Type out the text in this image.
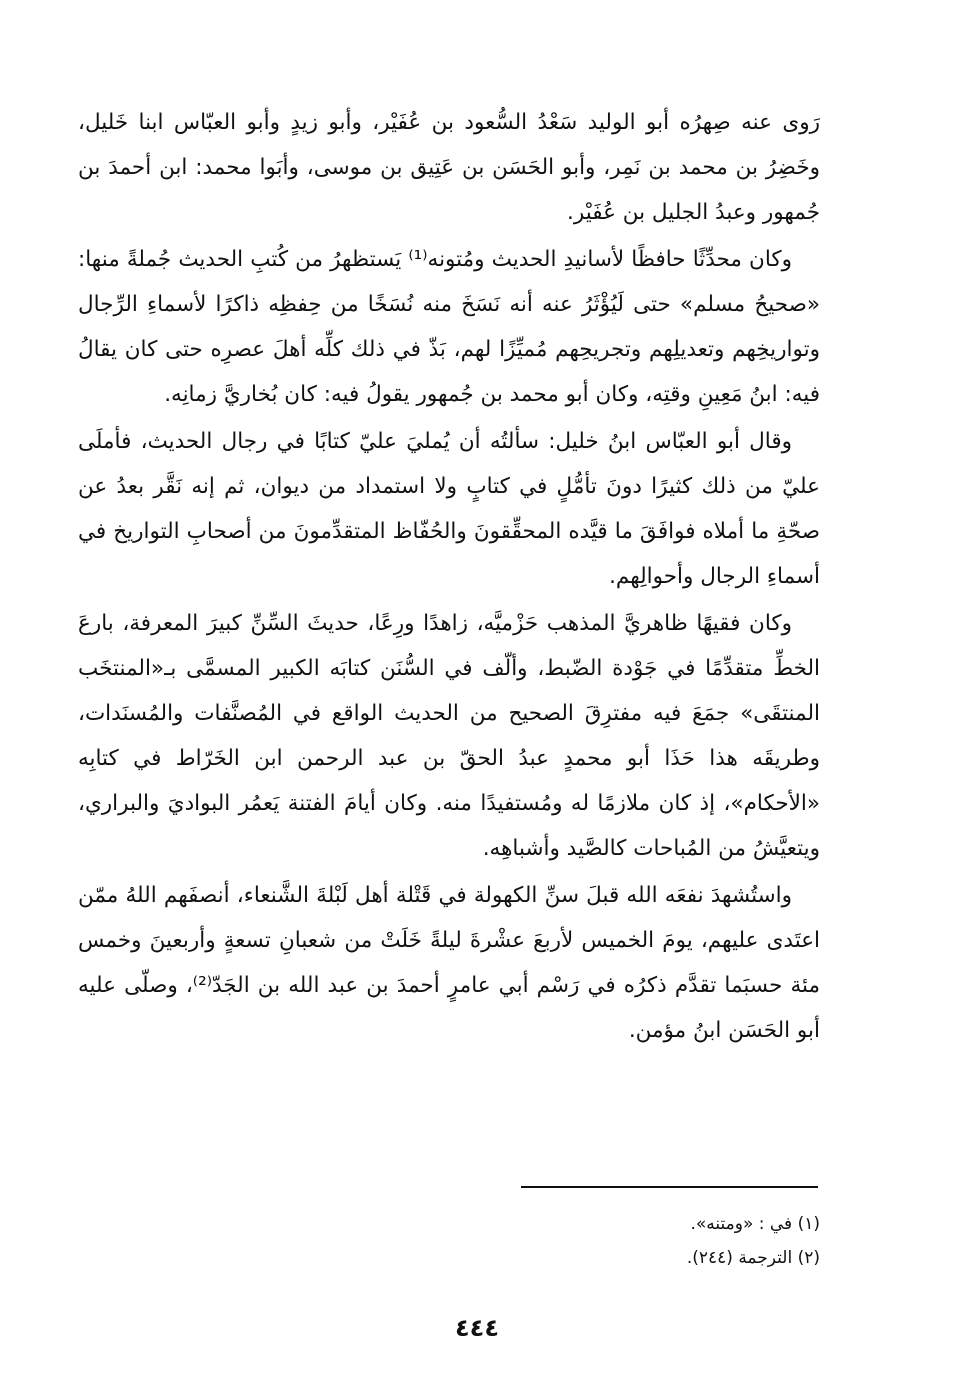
رَوى عنه صِهرُه أبو الوليد سَعْدُ السُّعود بن عُفَيْر، وأبو زيدٍ وأبو العبّاس ابنا خَليل، وخَضِرُ بن محمد بن نَمِر، وأبو الحَسَن بن عَتِيق بن موسى، وأبَوا محمد: ابن أحمدَ بن جُمهور وعبدُ الجليل بن عُفَيْر.

وكان محدِّثًا حافظًا لأسانيدِ الحديث ومُتونه⁽¹⁾ يَستظهرُ من كُتبِ الحديث جُملةً منها: «صحيحُ مسلم» حتى لَيُؤْثَرُ عنه أنه نَسَخَ منه نُسَخًا من حِفظِه ذاكرًا لأسماءِ الرِّجال وتواريخِهم وتعديلِهم وتجريحِهم مُميِّزًا لهم، بَذّ في ذلك كلِّه أهلَ عصرِه حتى كان يقالُ فيه: ابنُ مَعِينِ وقتِه، وكان أبو محمد بن جُمهور يقولُ فيه: كان بُخاريَّ زمانِه.

وقال أبو العبّاس ابنُ خليل: سألتُه أن يُمليَ عليّ كتابًا في رجال الحديث، فأملَى عليّ من ذلك كثيرًا دونَ تأمُّلٍ في كتابٍ ولا استمداد من ديوان، ثم إنه نَقَّر بعدُ عن صحّةِ ما أملاه فوافَقَ ما قيَّده المحقِّقونَ والحُفّاظ المتقدِّمونَ من أصحابِ التواريخ في أسماءِ الرجال وأحوالِهم.

وكان فقيهًا ظاهريَّ المذهب حَزْميَّه، زاهدًا ورِعًا، حديثَ السِّنِّ كبيرَ المعرفة، بارعَ الخطِّ متقدِّمًا في جَوْدة الضّبط، وألّف في السُّنَن كتابَه الكبير المسمَّى بـ«المنتخَب المنتقَى» جمَعَ فيه مفترِقَ الصحيح من الحديث الواقع في المُصنَّفات والمُسنَدات، وطريقَه هذا حَذَا أبو محمدٍ عبدُ الحقّ بن عبد الرحمن ابن الخَرّاط في كتابِه «الأحكام»، إذ كان ملازمًا له ومُستفيدًا منه. وكان أيامَ الفتنة يَعمُر البواديَ والبراري، ويتعيَّشُ من المُباحات كالصَّيد وأشباهِه.

واستُشهدَ نفعَه الله قبلَ سنِّ الكهولة في قَتْلة أهل لَبْلةَ الشَّنعاء، أنصفَهم اللهُ ممّن اعتَدى عليهم، يومَ الخميس لأربعَ عشْرةَ ليلةً خَلَتْ من شعبانِ تسعةٍ وأربعينَ وخمس مئة حسبَما تقدَّم ذكرُه في رَسْم أبي عامرٍ أحمدَ بن عبد الله بن الجَدّ⁽²⁾، وصلّى عليه أبو الحَسَن ابنُ مؤمن.

(١) في : «ومتنه».

(٢) الترجمة (٢٤٤).

٤٤٤
